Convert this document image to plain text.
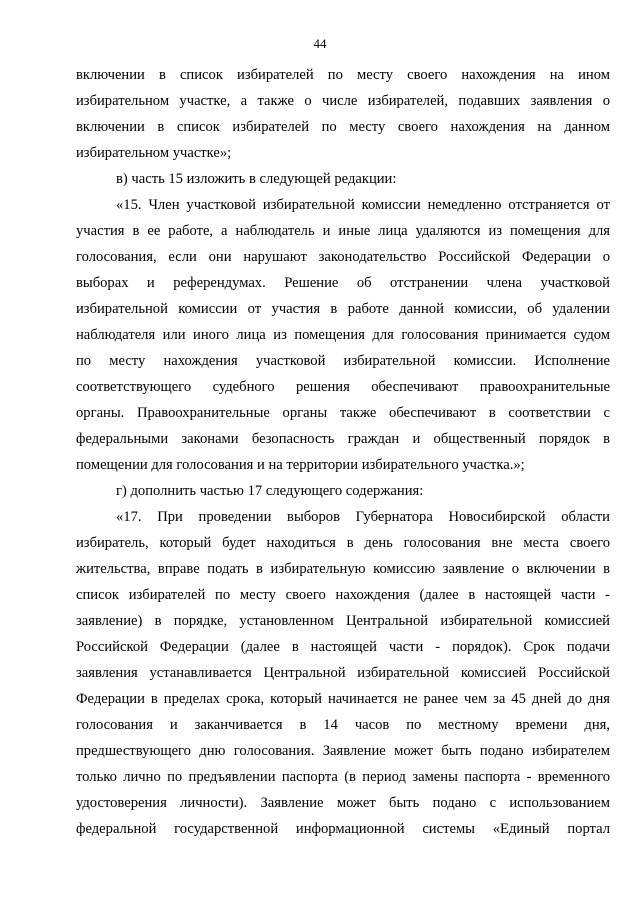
44
включении в список избирателей по месту своего нахождения на ином
избирательном участке, а также о числе избирателей, подавших заявления о
включении в список избирателей по месту своего нахождения на данном
избирательном участке»;
в) часть 15 изложить в следующей редакции:
«15. Член участковой избирательной комиссии немедленно отстраняется от
участия в ее работе, а наблюдатель и иные лица удаляются из помещения для
голосования, если они нарушают законодательство Российской Федерации о
выборах и референдумах. Решение об отстранении члена участковой
избирательной комиссии от участия в работе данной комиссии, об удалении
наблюдателя или иного лица из помещения для голосования принимается судом
по месту нахождения участковой избирательной комиссии. Исполнение
соответствующего судебного решения обеспечивают правоохранительные
органы. Правоохранительные органы также обеспечивают в соответствии с
федеральными законами безопасность граждан и общественный порядок в
помещении для голосования и на территории избирательного участка.»;
г) дополнить частью 17 следующего содержания:
«17. При проведении выборов Губернатора Новосибирской области
избиратель, который будет находиться в день голосования вне места своего
жительства, вправе подать в избирательную комиссию заявление о включении в
список избирателей по месту своего нахождения (далее в настоящей части -
заявление) в порядке, установленном Центральной избирательной комиссией
Российской Федерации (далее в настоящей части - порядок). Срок подачи
заявления устанавливается Центральной избирательной комиссией Российской
Федерации в пределах срока, который начинается не ранее чем за 45 дней до дня
голосования и заканчивается в 14 часов по местному времени дня,
предшествующего дню голосования. Заявление может быть подано избирателем
только лично по предъявлении паспорта (в период замены паспорта - временного
удостоверения личности). Заявление может быть подано с использованием
федеральной государственной информационной системы «Единый портал
